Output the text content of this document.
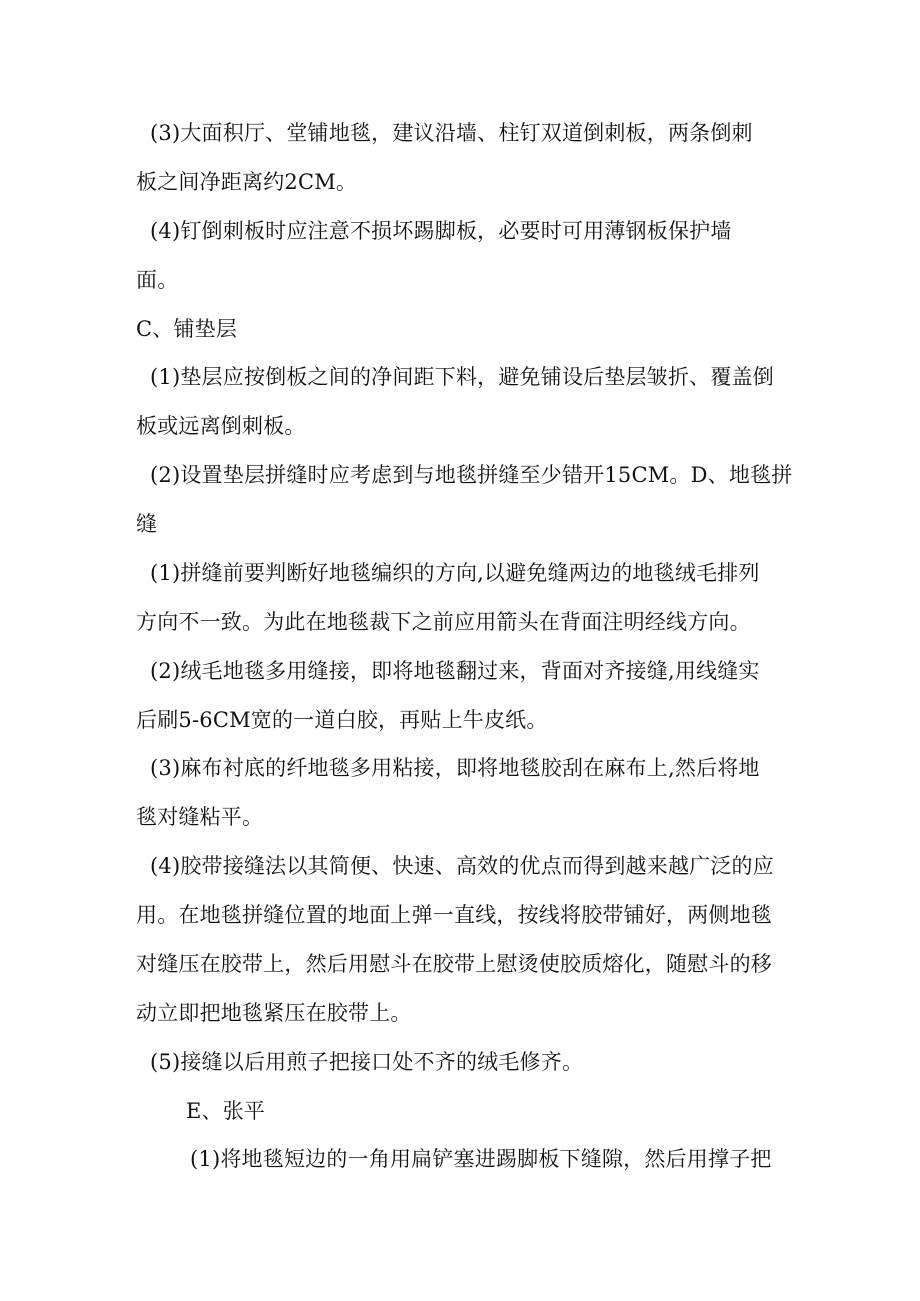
(3)大面积厅、堂铺地毯，建议沿墙、柱钉双道倒刺板，两条倒刺
板之间净距离约2CM。
(4)钉倒刺板时应注意不损坏踢脚板，必要时可用薄钢板保护墙
面。
C、铺垫层
(1)垫层应按倒板之间的净间距下料，避免铺设后垫层皱折、覆盖倒
板或远离倒刺板。
(2)设置垫层拼缝时应考虑到与地毯拼缝至少错开15CM。D、地毯拼
缝
(1)拼缝前要判断好地毯编织的方向,以避免缝两边的地毯绒毛排列
方向不一致。为此在地毯裁下之前应用箭头在背面注明经线方向。
(2)绒毛地毯多用缝接，即将地毯翻过来，背面对齐接缝,用线缝实
后刷5-6CM宽的一道白胶，再贴上牛皮纸。
(3)麻布衬底的纤地毯多用粘接，即将地毯胶刮在麻布上,然后将地
毯对缝粘平。
(4)胶带接缝法以其简便、快速、高效的优点而得到越来越广泛的应
用。在地毯拼缝位置的地面上弹一直线，按线将胶带铺好，两侧地毯
对缝压在胶带上，然后用慰斗在胶带上慰烫使胶质熔化，随慰斗的移
动立即把地毯紧压在胶带上。
(5)接缝以后用煎子把接口处不齐的绒毛修齐。
E、张平
(1)将地毯短边的一角用扁铲塞进踢脚板下缝隙，然后用撑子把
